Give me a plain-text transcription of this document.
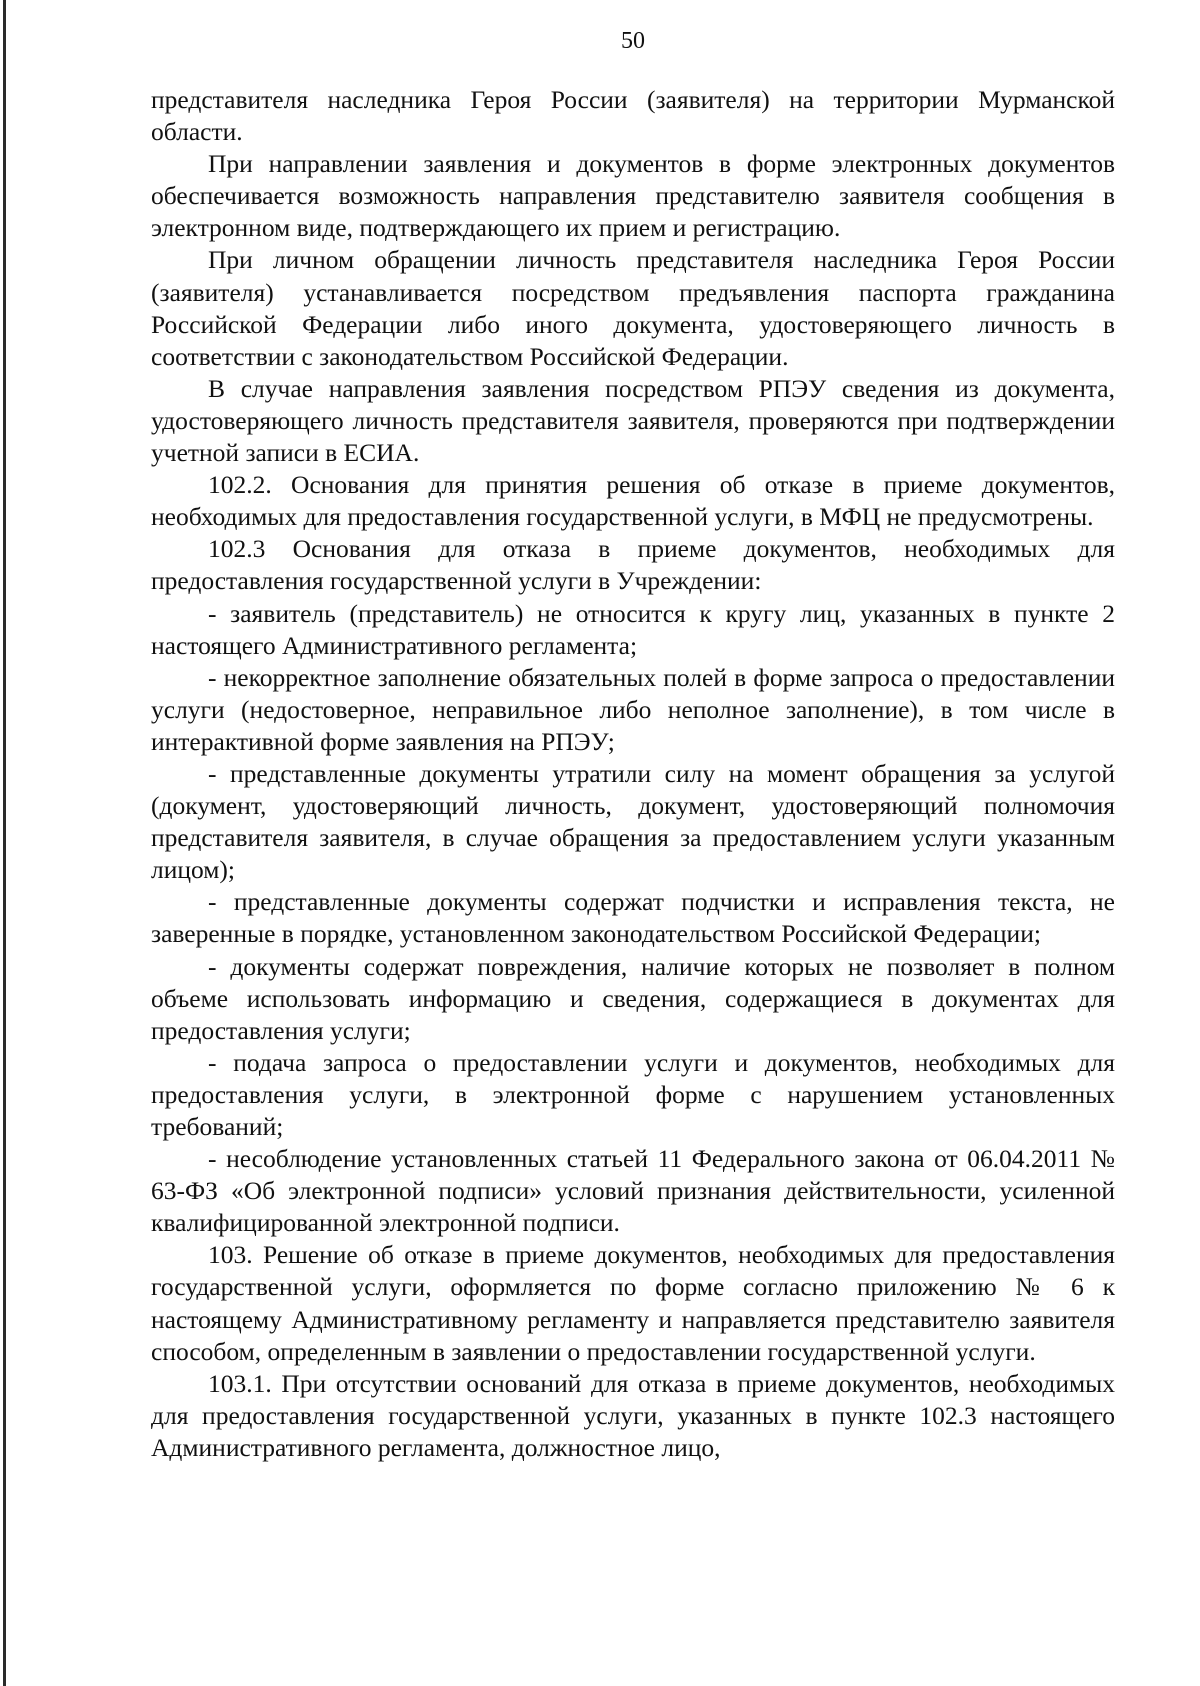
50

представителя наследника Героя России (заявителя) на территории Мурманской области.

При направлении заявления и документов в форме электронных документов обеспечивается возможность направления представителю заявителя сообщения в электронном виде, подтверждающего их прием и регистрацию.

При личном обращении личность представителя наследника Героя России (заявителя) устанавливается посредством предъявления паспорта гражданина Российской Федерации либо иного документа, удостоверяющего личность в соответствии с законодательством Российской Федерации.

В случае направления заявления посредством РПЭУ сведения из документа, удостоверяющего личность представителя заявителя, проверяются при подтверждении учетной записи в ЕСИА.

102.2. Основания для принятия решения об отказе в приеме документов, необходимых для предоставления государственной услуги, в МФЦ не предусмотрены.

102.3 Основания для отказа в приеме документов, необходимых для предоставления государственной услуги в Учреждении:

- заявитель (представитель) не относится к кругу лиц, указанных в пункте 2 настоящего Административного регламента;

- некорректное заполнение обязательных полей в форме запроса о предоставлении услуги (недостоверное, неправильное либо неполное заполнение), в том числе в интерактивной форме заявления на РПЭУ;

- представленные документы утратили силу на момент обращения за услугой (документ, удостоверяющий личность, документ, удостоверяющий полномочия представителя заявителя, в случае обращения за предоставлением услуги указанным лицом);

- представленные документы содержат подчистки и исправления текста, не заверенные в порядке, установленном законодательством Российской Федерации;

- документы содержат повреждения, наличие которых не позволяет в полном объеме использовать информацию и сведения, содержащиеся в документах для предоставления услуги;

- подача запроса о предоставлении услуги и документов, необходимых для предоставления услуги, в электронной форме с нарушением установленных требований;

- несоблюдение установленных статьей 11 Федерального закона от 06.04.2011 № 63-ФЗ «Об электронной подписи» условий признания действительности, усиленной квалифицированной электронной подписи.

103. Решение об отказе в приеме документов, необходимых для предоставления государственной услуги, оформляется по форме согласно приложению № 6 к настоящему Административному регламенту и направляется представителю заявителя способом, определенным в заявлении о предоставлении государственной услуги.

103.1. При отсутствии оснований для отказа в приеме документов, необходимых для предоставления государственной услуги, указанных в пункте 102.3 настоящего Административного регламента, должностное лицо,
